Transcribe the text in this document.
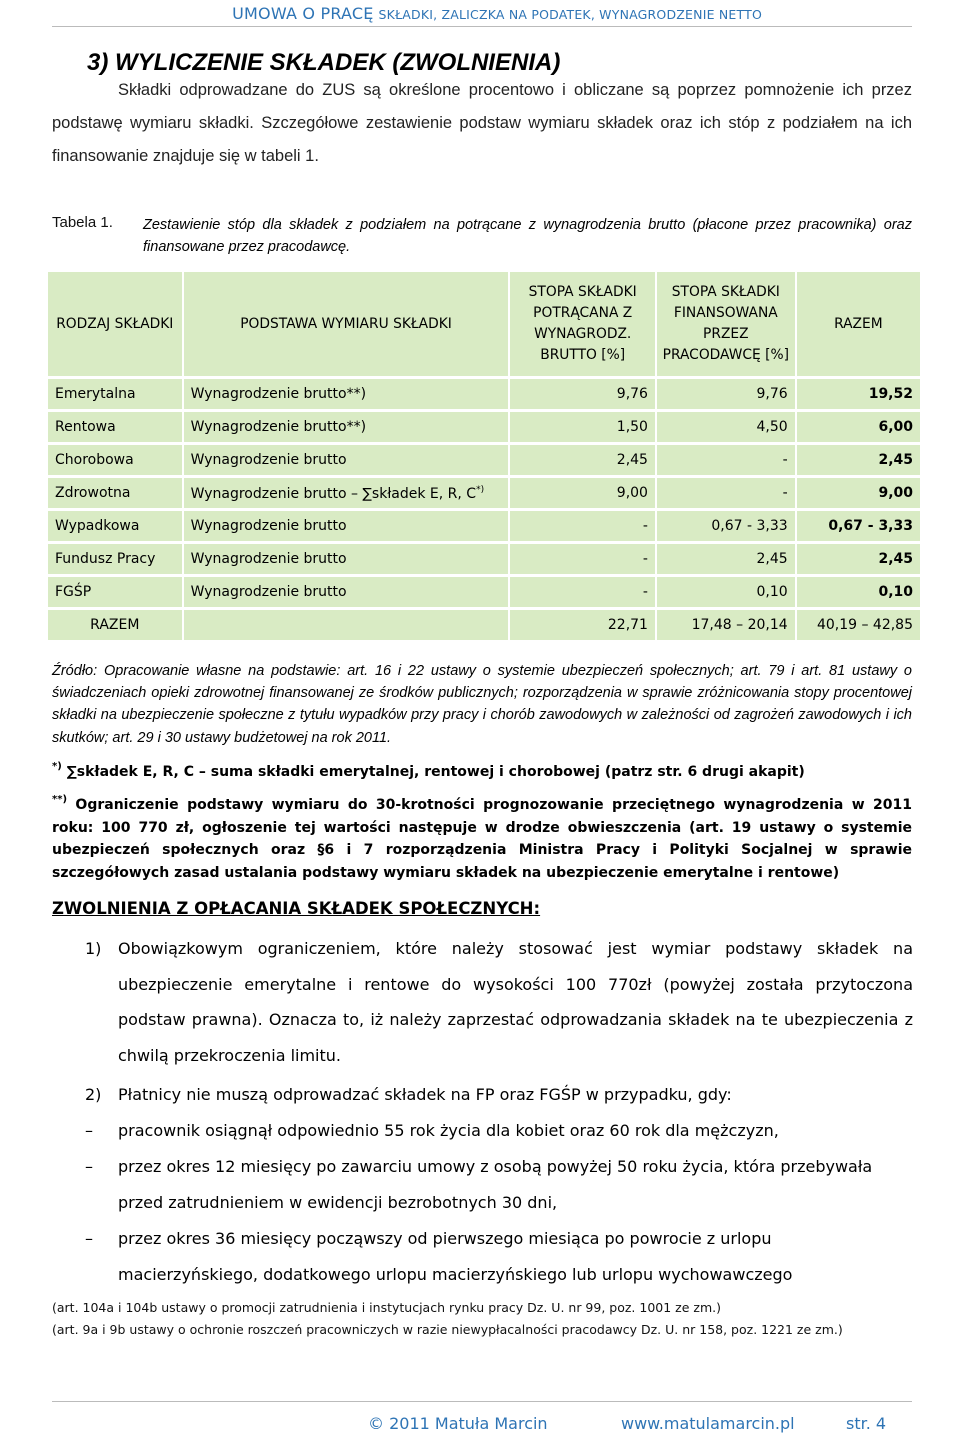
UMOWA O PRACĘ SKŁADKI, ZALICZKA NA PODATEK, WYNAGRODZENIE NETTO
3) WYLICZENIE SKŁADEK (ZWOLNIENIA)

Składki odprowadzane do ZUS są określone procentowo i obliczane są poprzez pomnożenie ich przez podstawę wymiaru składki. Szczegółowe zestawienie podstaw wymiaru składek oraz ich stóp z podziałem na ich finansowanie znajduje się w tabeli 1.

Tabela 1. Zestawienie stóp dla składek z podziałem na potrącane z wynagrodzenia brutto (płacone przez pracownika) oraz finansowane przez pracodawcę.
RODZAJ SKŁADKI	PODSTAWA WYMIARU SKŁADKI	STOPA SKŁADKI POTRĄCANA Z WYNAGRODZ. BRUTTO [%]	STOPA SKŁADKI FINANSOWANA PRZEZ PRACODAWCĘ [%]	RAZEM
Emerytalna	Wynagrodzenie brutto**)	9,76	9,76	19,52
Rentowa	Wynagrodzenie brutto**)	1,50	4,50	6,00
Chorobowa	Wynagrodzenie brutto	2,45	-	2,45
Zdrowotna	Wynagrodzenie brutto – ∑składek E, R, C*)	9,00	-	9,00
Wypadkowa	Wynagrodzenie brutto	-	0,67 - 3,33	0,67 - 3,33
Fundusz Pracy	Wynagrodzenie brutto	-	2,45	2,45
FGŚP	Wynagrodzenie brutto	-	0,10	0,10
RAZEM		22,71	17,48 – 20,14	40,19 – 42,85

Źródło: Opracowanie własne na podstawie: art. 16 i 22 ustawy o systemie ubezpieczeń społecznych; art. 79 i art. 81 ustawy o świadczeniach opieki zdrowotnej finansowanej ze środków publicznych; rozporządzenia w sprawie zróżnicowania stopy procentowej składki na ubezpieczenie społeczne z tytułu wypadków przy pracy i chorób zawodowych w zależności od zagrożeń zawodowych i ich skutków; art. 29 i 30 ustawy budżetowej na rok 2011.

*) ∑składek E, R, C – suma składki emerytalnej, rentowej i chorobowej (patrz str. 6 drugi akapit)

**) Ograniczenie podstawy wymiaru do 30-krotności prognozowanie przeciętnego wynagrodzenia w 2011 roku: 100 770 zł, ogłoszenie tej wartości następuje w drodze obwieszczenia (art. 19 ustawy o systemie ubezpieczeń społecznych oraz §6 i 7 rozporządzenia Ministra Pracy i Polityki Socjalnej w sprawie szczegółowych zasad ustalania podstawy wymiaru składek na ubezpieczenie emerytalne i rentowe)

ZWOLNIENIA Z OPŁACANIA SKŁADEK SPOŁECZNYCH:
1) Obowiązkowym ograniczeniem, które należy stosować jest wymiar podstawy składek na ubezpieczenie emerytalne i rentowe do wysokości 100 770zł (powyżej została przytoczona podstaw prawna). Oznacza to, iż należy zaprzestać odprowadzania składek na te ubezpieczenia z chwilą przekroczenia limitu.
2) Płatnicy nie muszą odprowadzać składek na FP oraz FGŚP w przypadku, gdy:
– pracownik osiągnął odpowiednio 55 rok życia dla kobiet oraz 60 rok dla mężczyzn,
– przez okres 12 miesięcy po zawarciu umowy z osobą powyżej 50 roku życia, która przebywała przed zatrudnieniem w ewidencji bezrobotnych 30 dni,
– przez okres 36 miesięcy począwszy od pierwszego miesiąca po powrocie z urlopu macierzyńskiego, dodatkowego urlopu macierzyńskiego lub urlopu wychowawczego
(art. 104a i 104b ustawy o promocji zatrudnienia i instytucjach rynku pracy Dz. U. nr 99, poz. 1001 ze zm.)
(art. 9a i 9b ustawy o ochronie roszczeń pracowniczych w razie niewypłacalności pracodawcy Dz. U. nr 158, poz. 1221 ze zm.)
© 2011 Matuła Marcin	www.matulamarcin.pl	str. 4
